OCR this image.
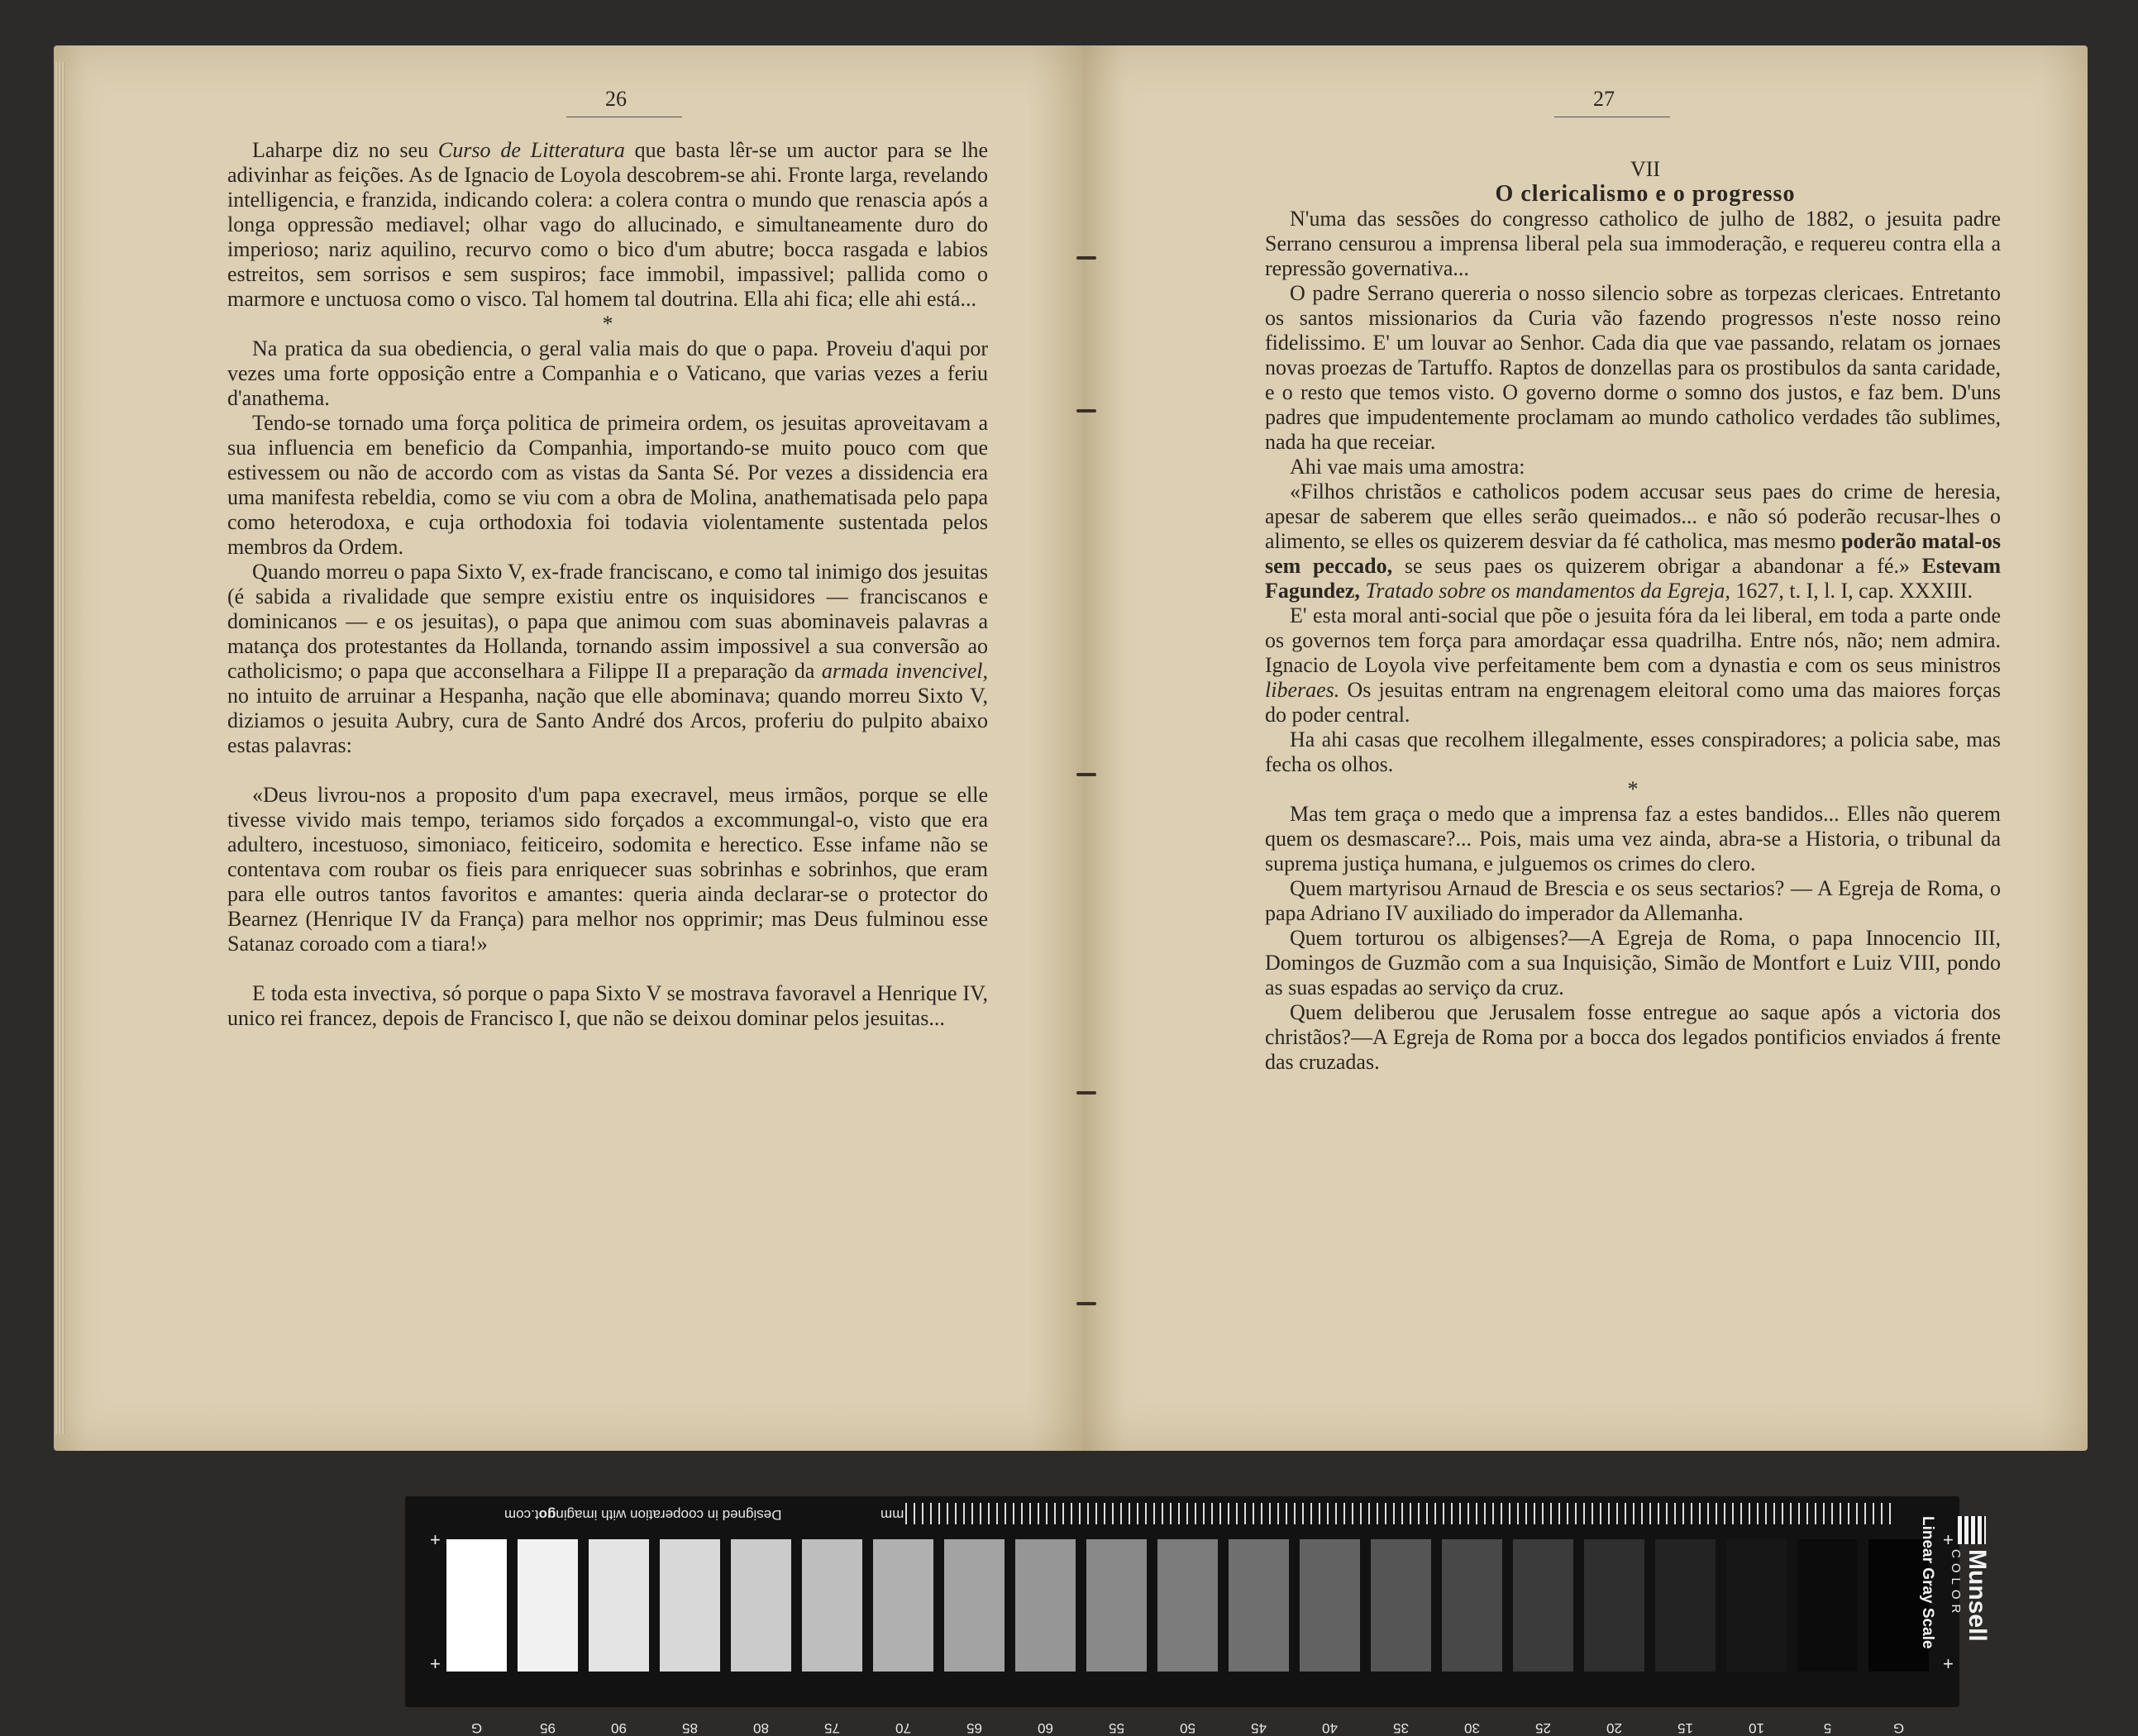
26

Laharpe diz no seu Curso de Litteratura que basta lêr-se um auctor para se lhe adivinhar as feições. As de Ignacio de Loyola descobrem-se ahi. Fronte larga, revelando intelligencia, e franzida, indicando colera: a colera contra o mundo que renascia após a longa oppressão mediavel; olhar vago do allucinado, e simultaneamente duro do imperioso; nariz aquilino, recurvo como o bico d'um abutre; bocca rasgada e labios estreitos, sem sorrisos e sem suspiros; face immobil, impassivel; pallida como o marmore e unctuosa como o visco. Tal homem tal doutrina. Ella ahi fica; elle ahi está...

*

Na pratica da sua obediencia, o geral valia mais do que o papa. Proveiu d'aqui por vezes uma forte opposição entre a Companhia e o Vaticano, que varias vezes a feriu d'anathema.

Tendo-se tornado uma força politica de primeira ordem, os jesuitas aproveitavam a sua influencia em beneficio da Companhia, importando-se muito pouco com que estivessem ou não de accordo com as vistas da Santa Sé. Por vezes a dissidencia era uma manifesta rebeldia, como se viu com a obra de Molina, anathematisada pelo papa como heterodoxa, e cuja orthodoxia foi todavia violentamente sustentada pelos membros da Ordem.

Quando morreu o papa Sixto V, ex-frade franciscano, e como tal inimigo dos jesuitas (é sabida a rivalidade que sempre existiu entre os inquisidores — franciscanos e dominicanos — e os jesuitas), o papa que animou com suas abominaveis palavras a matança dos protestantes da Hollanda, tornando assim impossivel a sua conversão ao catholicismo; o papa que acconselhara a Filippe II a preparação da armada invencivel, no intuito de arruinar a Hespanha, nação que elle abominava; quando morreu Sixto V, diziamos o jesuita Aubry, cura de Santo André dos Arcos, proferiu do pulpito abaixo estas palavras:

«Deus livrou-nos a proposito d'um papa execravel, meus irmãos, porque se elle tivesse vivido mais tempo, teriamos sido forçados a excommungal-o, visto que era adultero, incestuoso, simoniaco, feiticeiro, sodomita e herectico. Esse infame não se contentava com roubar os fieis para enriquecer suas sobrinhas e sobrinhos, que eram para elle outros tantos favoritos e amantes: queria ainda declarar-se o protector do Bearnez (Henrique IV da França) para melhor nos opprimir; mas Deus fulminou esse Satanaz coroado com a tiara!»

E toda esta invectiva, só porque o papa Sixto V se mostrava favoravel a Henrique IV, unico rei francez, depois de Francisco I, que não se deixou dominar pelos jesuitas...

27

VII

O clericalismo e o progresso

N'uma das sessões do congresso catholico de julho de 1882, o jesuita padre Serrano censurou a imprensa liberal pela sua immoderação, e requereu contra ella a repressão governativa...

O padre Serrano quereria o nosso silencio sobre as torpezas clericaes. Entretanto os santos missionarios da Curia vão fazendo progressos n'este nosso reino fidelissimo. E' um louvar ao Senhor. Cada dia que vae passando, relatam os jornaes novas proezas de Tartuffo. Raptos de donzellas para os prostibulos da santa caridade, e o resto que temos visto. O governo dorme o somno dos justos, e faz bem. D'uns padres que impudentemente proclamam ao mundo catholico verdades tão sublimes, nada ha que receiar.

Ahi vae mais uma amostra:

«Filhos christãos e catholicos podem accusar seus paes do crime de heresia, apesar de saberem que elles serão queimados... e não só poderão recusar-lhes o alimento, se elles os quizerem desviar da fé catholica, mas mesmo poderão matal-os sem peccado, se seus paes os quizerem obrigar a abandonar a fé.» Estevam Fagundez, Tratado sobre os mandamentos da Egreja, 1627, t. I, l. I, cap. XXXIII.

E' esta moral anti-social que põe o jesuita fóra da lei liberal, em toda a parte onde os governos tem força para amordaçar essa quadrilha. Entre nós, não; nem admira. Ignacio de Loyola vive perfeitamente bem com a dynastia e com os seus ministros liberaes. Os jesuitas entram na engrenagem eleitoral como uma das maiores forças do poder central.

Ha ahi casas que recolhem illegalmente, esses conspiradores; a policia sabe, mas fecha os olhos.

*

Mas tem graça o medo que a imprensa faz a estes bandidos... Elles não querem quem os desmascare?... Pois, mais uma vez ainda, abra-se a Historia, o tribunal da suprema justiça humana, e julguemos os crimes do clero.

Quem martyrisou Arnaud de Brescia e os seus sectarios? — A Egreja de Roma, o papa Adriano IV auxiliado do imperador da Allemanha.

Quem torturou os albigenses?—A Egreja de Roma, o papa Innocencio III, Domingos de Guzmão com a sua Inquisição, Simão de Montfort e Luiz VIII, pondo as suas espadas ao serviço da cruz.

Quem deliberou que Jerusalem fosse entregue ao saque após a victoria dos christãos?—A Egreja de Roma por a bocca dos legados pontificios enviados á frente das cruzadas.

Designed in cooperation with imagingot.com	mm
+
+
+
+
G	95	90	85	80	75	70	65	60	55	50	45	40	35	30	25	20	15	10	5	G
Munsell
COLOR
Linear Gray Scale
